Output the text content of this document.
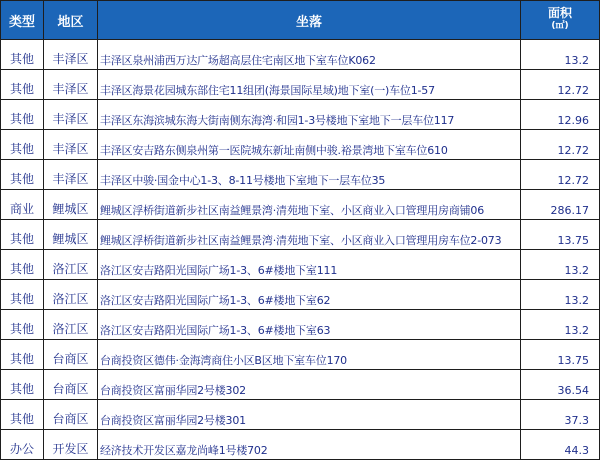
类型	地区	坐落	面积
(㎡)

其他	丰泽区	丰泽区泉州浦西万达广场超高层住宅南区地下室车位K062	13.2
其他	丰泽区	丰泽区海景花园城东部住宅11组团(海景国际星域)地下室(一)车位1-57	12.72
其他	丰泽区	丰泽区东海滨城东海大街南侧东海湾·和园1-3号楼地下室地下一层车位117	12.96
其他	丰泽区	丰泽区安吉路东侧泉州第一医院城东新址南侧中骏.裕景湾地下室车位610	12.72
其他	丰泽区	丰泽区中骏·国金中心1-3、8-11号楼地下室地下一层车位35	12.72
商业	鲤城区	鲤城区浮桥街道新步社区南益鲤景湾·清苑地下室、小区商业入口管理用房商铺06	286.17
其他	鲤城区	鲤城区浮桥街道新步社区南益鲤景湾·清苑地下室、小区商业入口管理用房车位2-073	13.75
其他	洛江区	洛江区安吉路阳光国际广场1-3、6#楼地下室111	13.2
其他	洛江区	洛江区安吉路阳光国际广场1-3、6#楼地下室62	13.2
其他	洛江区	洛江区安吉路阳光国际广场1-3、6#楼地下室63	13.2
其他	台商区	台商投资区德伟·金海湾商住小区B区地下室车位170	13.75
其他	台商区	台商投资区富丽华园2号楼302	36.54
其他	台商区	台商投资区富丽华园2号楼301	37.3
办公	开发区	经济技术开发区嘉龙尚峰1号楼702	44.3
